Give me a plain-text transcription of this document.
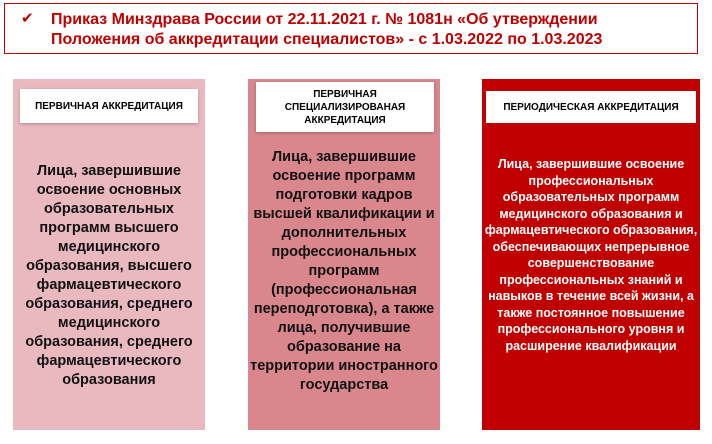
✔ Приказ Минздрава России от 22.11.2021 г. № 1081н «Об утверждении Положения об аккредитации специалистов» - с 1.03.2022 по 1.03.2023
ПЕРВИЧНАЯ АККРЕДИТАЦИЯ
Лица, завершившие освоение основных образовательных программ высшего медицинского образования, высшего фармацевтического образования, среднего медицинского образования, среднего фармацевтического образования
ПЕРВИЧНАЯ СПЕЦИАЛИЗИРОВАНАЯ АККРЕДИТАЦИЯ
Лица, завершившие освоение программ подготовки кадров высшей квалификации и дополнительных профессиональных программ (профессиональная переподготовка), а также лица, получившие образование на территории иностранного государства
ПЕРИОДИЧЕСКАЯ АККРЕДИТАЦИЯ
Лица, завершившие освоение профессиональных образовательных программ медицинского образования и фармацевтического образования, обеспечивающих непрерывное совершенствование профессиональных знаний и навыков в течение всей жизни, а также постоянное повышение профессионального уровня и расширение квалификации
